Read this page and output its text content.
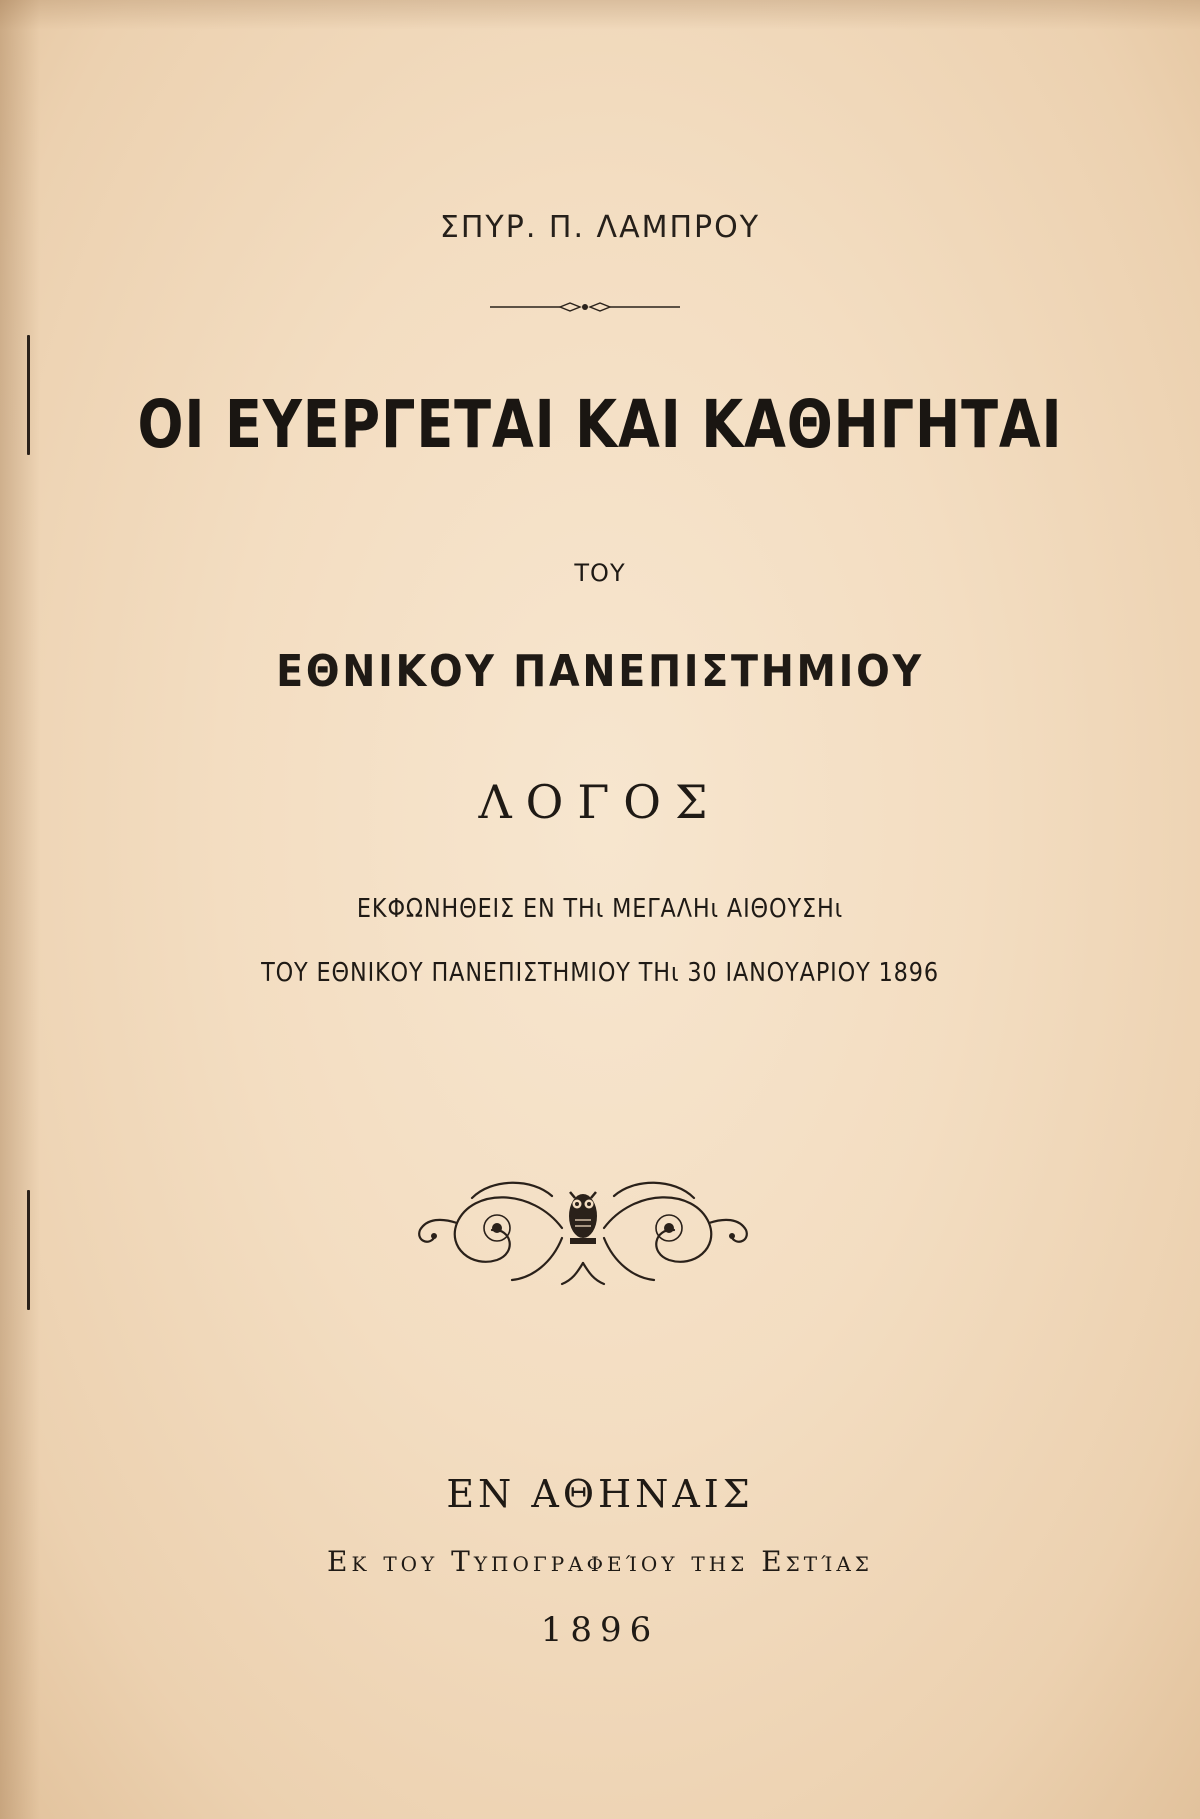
ΣΠΥΡ. Π. ΛΑΜΠΡΟΥ
ΟΙ ΕΥΕΡΓΕΤΑΙ ΚΑΙ ΚΑΘΗΓΗΤΑΙ
ΤΟΥ
ΕΘΝΙΚΟΥ ΠΑΝΕΠΙΣΤΗΜΙΟΥ
ΛΟΓΟΣ
ΕΚΦΩΝΗΘΕΙΣ ΕΝ ΤΗι ΜΕΓΑΛΗι ΑΙΘΟΥΣΗι
ΤΟΥ ΕΘΝΙΚΟΥ ΠΑΝΕΠΙΣΤΗΜΙΟΥ ΤΗι 30 ΙΑΝΟΥΑΡΙΟΥ 1896
ΕΝ ΑΘΗΝΑΙΣ
Εκ του Τυπογραφείου της Εστίας
1896
